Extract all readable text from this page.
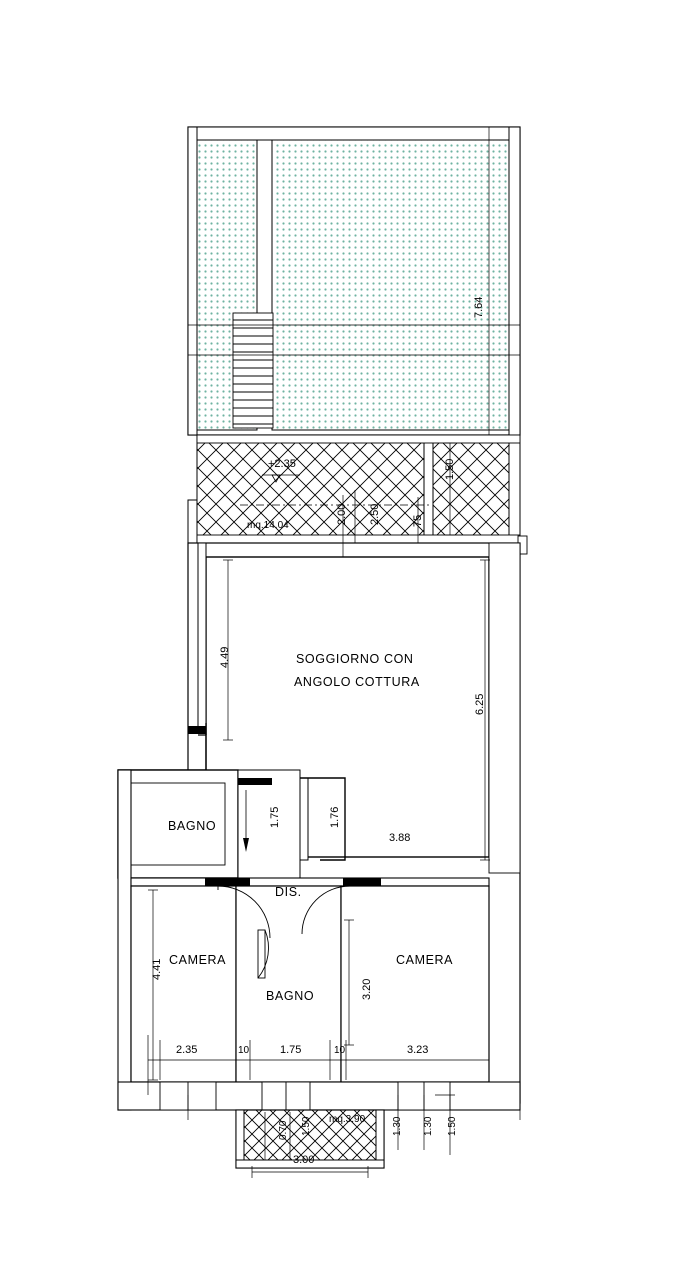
SOGGIORNO CON
ANGOLO COTTURA
BAGNO
DIS.
CAMERA	CAMERA
BAGNO
mq.14.04
mq.3.90
+2.35
7.64
1.50
2.00 2.50	75
4.49
6.25
1.75	1.76
3.88
4.41
3.20
2.35	10	1.75	10	3.23
0.70 1.50	1.30 1.30 1.50
3.00
